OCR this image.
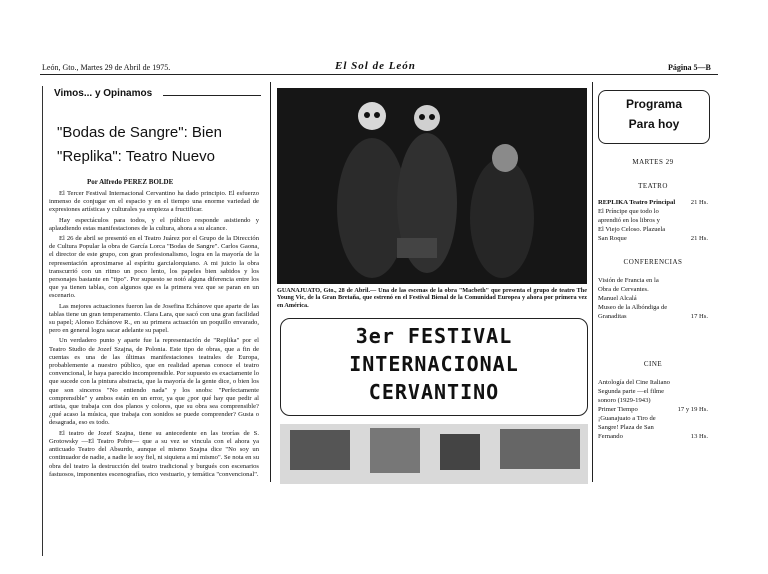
León, Gto., Martes 29 de Abril de 1975.	El Sol de León	Página 5—B
Vimos... y Opinamos
"Bodas de Sangre": Bien
"Replika": Teatro Nuevo
Por Alfredo PEREZ BOLDE

El Tercer Festival Internacional Cervantino ha dado principio. El esfuerzo inmenso de conjugar en el espacio y en el tiempo una enorme variedad de expresiones artísticas y culturales ya empieza a fructificar.

Hay espectáculos para todos, y el público responde asistiendo y aplaudiendo estas manifestaciones de la cultura, ahora a su alcance.

El 26 de abril se presentó en el Teatro Juárez por el Grupo de la Dirección de Cultura Popular la obra de García Lorca "Bodas de Sangre". Carlos Gaona, el director de este grupo, con gran profesionalismo, logra en la mayoría de la representación aproximarse al espíritu garcialorquiano. A mi juicio la obra transcurrió con un ritmo un poco lento, los papeles bien sabidos y los personajes bastante en "tipo". Por supuesto se notó alguna diferencia entre los que ya tienen tablas, con algunos que es la primera vez que se paran en un escenario.

Las mejores actuaciones fueron las de Josefina Echánove que aparte de las tablas tiene un gran temperamento. Clara Lara, que sacó con una gran facilidad su papel; Alonso Echánove R., en su primera actuación un poquillo envarado, pero en general logra sacar adelante su papel.

Un verdadero punto y aparte fue la representación de "Replika" por el Teatro Studio de Jozef Szajna, de Polonia. Este tipo de obras, que a fin de cuentas es una de las últimas manifestaciones teatrales de Europa, probablemente a nuestro público, que en realidad apenas conoce el teatro convencional, le haya parecido incomprensible. Por supuesto es exactamente lo que sucede con la pintura abstracta, que la mayoría de la gente dice, o bien los que son sinceros "No entiendo nada" y los snobs: "Perfectamente comprensible" y ambos están en un error, ya que ¿por qué hay que pedir al artista, que trabaja con dos planos y colores, que su obra sea comprensible? ¿qué acaso la música, que trabaja con sonidos se puede comprender? Gusta o desagrada, eso es todo.

El teatro de Jozef Szajna, tiene su antecedente en las teorías de S. Grotowsky —El Teatro Pobre— que a su vez se vincula con el ahora ya anticuado Teatro del Absurdo, aunque el mismo Szajna dice "No soy un continuador de nadie, a nadie le soy fiel, ni siquiera a mí mismo". Se nota en su obra del teatro la destrucción del teatro tradicional y burgués con escenarios fastuosos, imponentes escenografías, rico vestuario, y temática "convencional".

GUANAJUATO, Gto., 28 de Abril.— Una de las escenas de la obra "Macbeth" que presenta el grupo de teatro The Young Vic, de la Gran Bretaña, que estrenó en el Festival Bienal de la Comunidad Europea y ahora por primera vez en América.
3er FESTIVAL
INTERNACIONAL
CERVANTINO
Programa
Para hoy
MARTES 29
TEATRO
REPLIKA Teatro Principal 21 Hs.
El Príncipe que todo lo
aprendió en los libros y
El Viejo Celoso. Plazuela
San Roque	21 Hs.
CONFERENCIAS
Visión de Francia en la
Obra de Cervantes.
Manuel Alcalá
Museo de la Albóndiga de
Granaditas	17 Hs.
CINE
Antología del Cine Italiano
Segunda parte —el filme
sonoro (1929-1943)
Primer Tiempo	17 y 19 Hs.
¡Guanajuato a Tiro de
Sangre! Plaza de San
Fernando	13 Hs.
